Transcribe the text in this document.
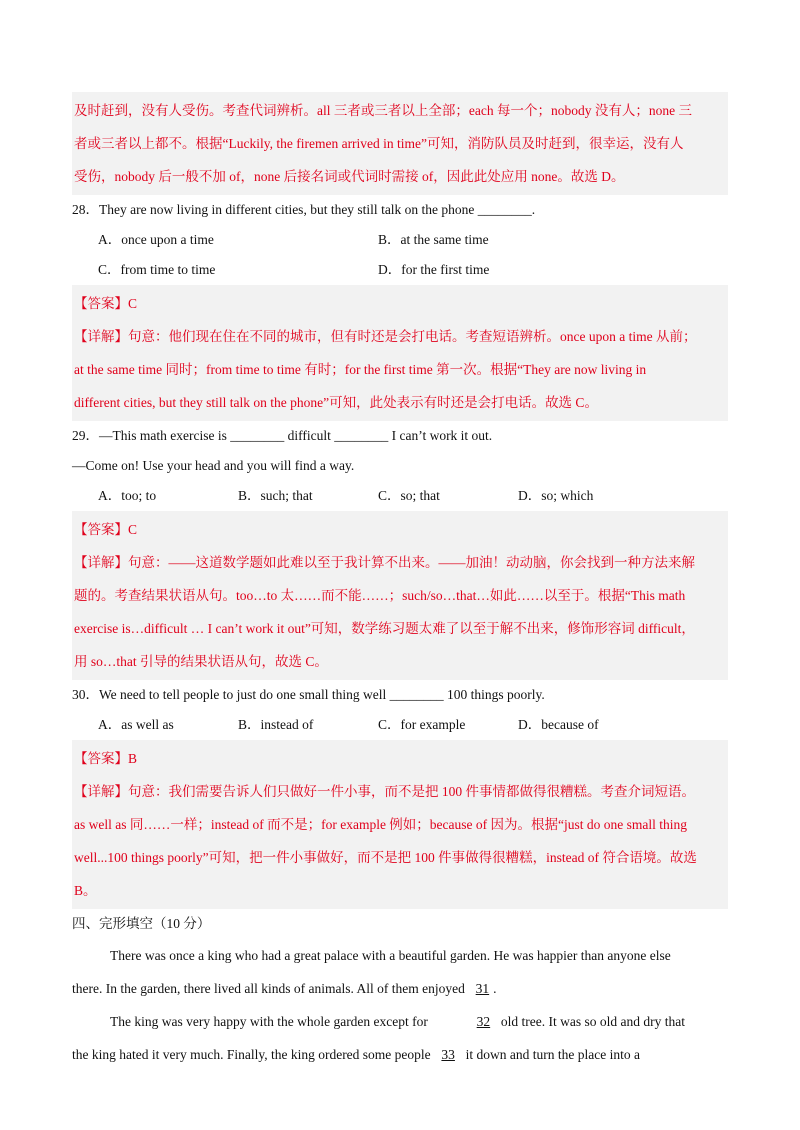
及时赶到，没有人受伤。考查代词辨析。all 三者或三者以上全部；each 每一个；nobody 没有人；none 三

者或三者以上都不。根据“Luckily, the firemen arrived in time”可知，消防队员及时赶到，很幸运，没有人

受伤，nobody 后一般不加 of，none 后接名词或代词时需接 of，因此此处应用 none。故选 D。

28．They are now living in different cities, but they still talk on the phone ________.

A．once upon a time	B．at the same time
C．from time to time	D．for the first time

【答案】C

【详解】句意：他们现在住在不同的城市，但有时还是会打电话。考查短语辨析。once upon a time 从前；

at the same time 同时；from time to time 有时；for the first time 第一次。根据“They are now living in

different cities, but they still talk on the phone”可知，此处表示有时还是会打电话。故选 C。

29．—This math exercise is ________ difficult ________ I can’t work it out.

—Come on! Use your head and you will find a way.

A．too; to	B．such; that	C．so; that	D．so; which

【答案】C

【详解】句意：——这道数学题如此难以至于我计算不出来。——加油！动动脑，你会找到一种方法来解

题的。考查结果状语从句。too…to 太……而不能……；such/so…that…如此……以至于。根据“This math

exercise is…difficult … I can’t work it out”可知，数学练习题太难了以至于解不出来，修饰形容词 difficult，

用 so…that 引导的结果状语从句，故选 C。

30．We need to tell people to just do one small thing well ________ 100 things poorly.

A．as well as	B．instead of	C．for example	D．because of

【答案】B

【详解】句意：我们需要告诉人们只做好一件小事，而不是把 100 件事情都做得很糟糕。考查介词短语。

as well as 同……一样；instead of 而不是；for example 例如；because of 因为。根据“just do one small thing

well...100 things poorly”可知，把一件小事做好，而不是把 100 件事做得很糟糕，instead of 符合语境。故选

B。

四、完形填空（10 分）

There was once a king who had a great palace with a beautiful garden. He was happier than anyone else

there. In the garden, there lived all kinds of animals. All of them enjoyed 31 .

The king was very happy with the whole garden except for	32 old tree. It was so old and dry that

the king hated it very much. Finally, the king ordered some people 33 it down and turn the place into a
